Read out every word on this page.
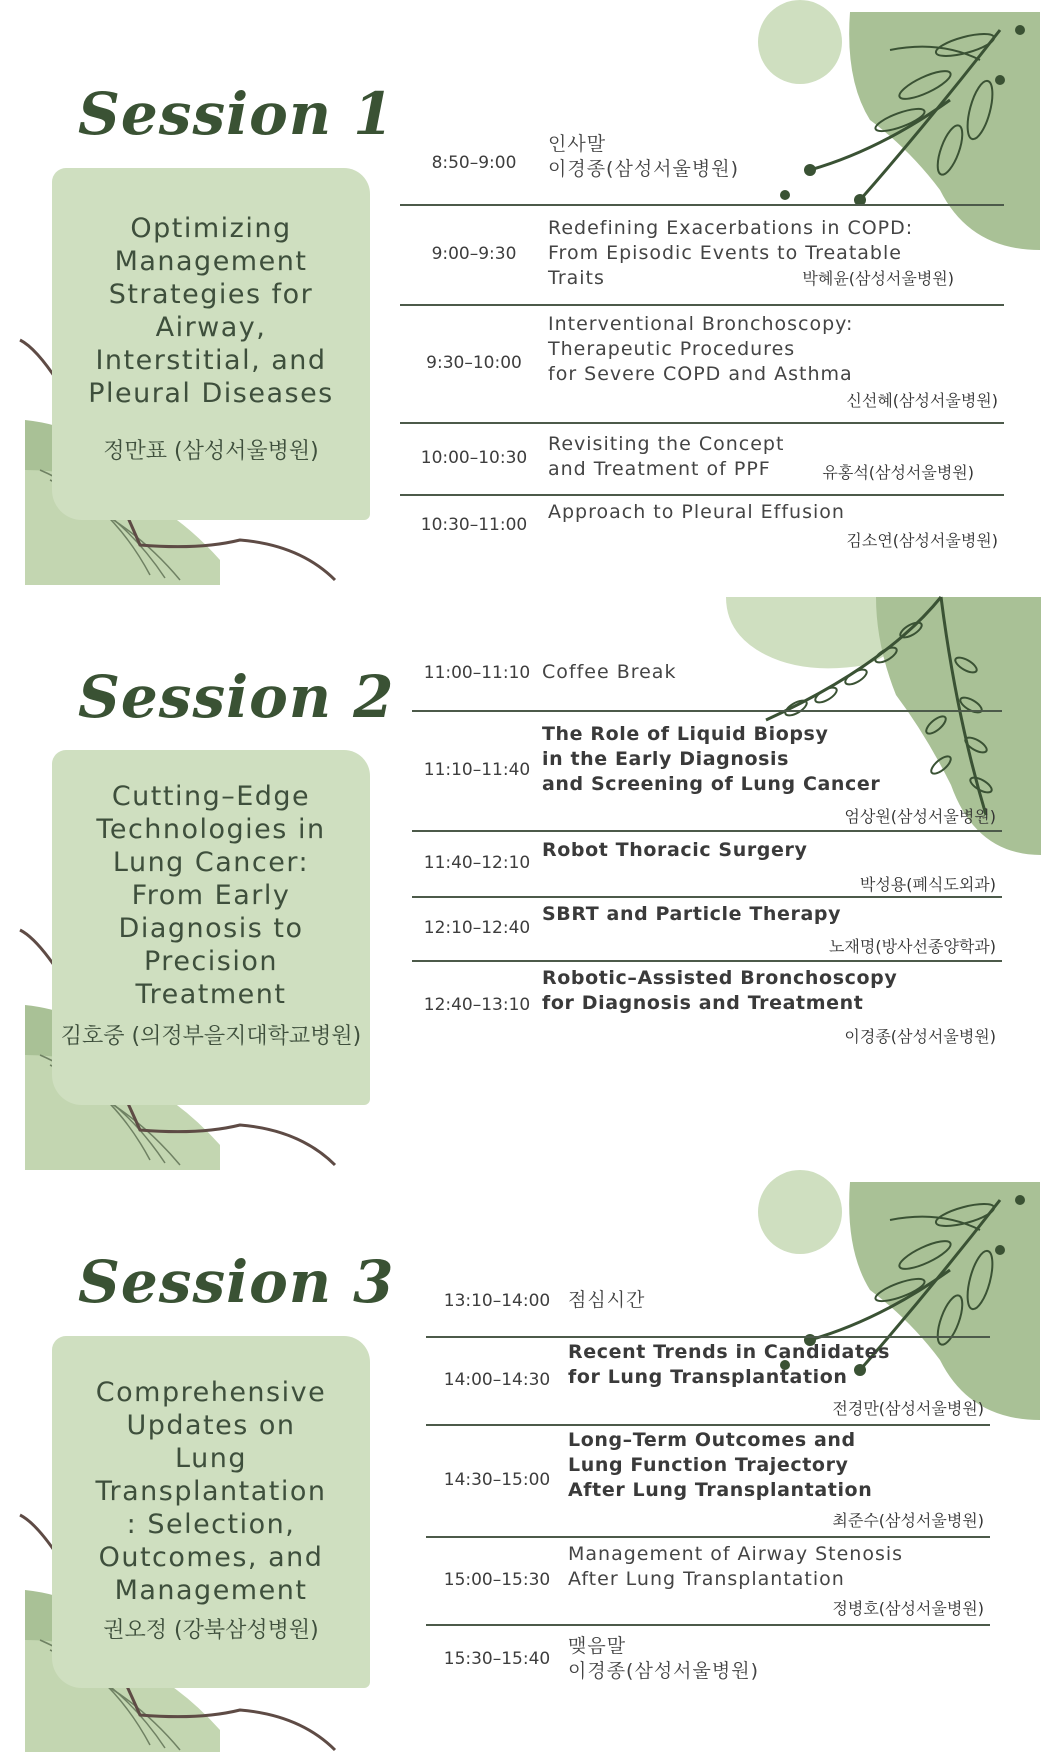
Session 1
Optimizing
Management
Strategies for
Airway,
Interstitial, and
Pleural Diseases
정만표 (삼성서울병원)
8:50–9:00
인사말
이경종(삼성서울병원)
9:00–9:30
Redefining Exacerbations in COPD:
From Episodic Events to Treatable
Traits	박혜윤(삼성서울병원)
9:30–10:00
Interventional Bronchoscopy:
Therapeutic Procedures
for Severe COPD and Asthma
신선혜(삼성서울병원)
10:00–10:30
Revisiting the Concept
and Treatment of PPF	유홍석(삼성서울병원)
10:30–11:00
Approach to Pleural Effusion
김소연(삼성서울병원)
Session 2
Cutting–Edge
Technologies in
Lung Cancer:
From Early
Diagnosis to
Precision
Treatment
김호중 (의정부을지대학교병원)
11:00–11:10 Coffee Break
11:10–11:40
The Role of Liquid Biopsy
in the Early Diagnosis
and Screening of Lung Cancer
엄상원(삼성서울병원)
11:40–12:10
Robot Thoracic Surgery
박성용(폐식도외과)
12:10–12:40
SBRT and Particle Therapy
노재명(방사선종양학과)
12:40–13:10
Robotic–Assisted Bronchoscopy
for Diagnosis and Treatment
이경종(삼성서울병원)
Session 3
Comprehensive
Updates on
Lung
Transplantation
: Selection,
Outcomes, and
Management
권오정 (강북삼성병원)
13:10–14:00 점심시간
14:00–14:30
Recent Trends in Candidates
for Lung Transplantation
전경만(삼성서울병원)
14:30–15:00
Long–Term Outcomes and
Lung Function Trajectory
After Lung Transplantation
최준수(삼성서울병원)
15:00–15:30
Management of Airway Stenosis
After Lung Transplantation
정병호(삼성서울병원)
15:30–15:40
맺음말
이경종(삼성서울병원)
